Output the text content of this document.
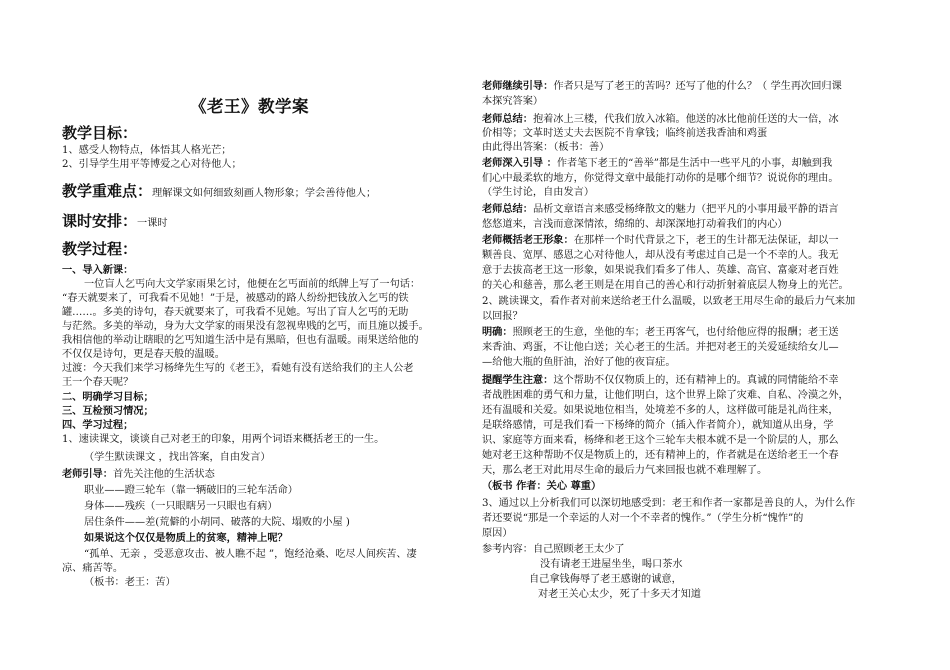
《老王》教学案
教学目标：
1、感受人物特点，体悟其人格光芒；
2、引导学生用平等博爱之心对待他人；
教学重难点：理解课文如何细致刻画人物形象；学会善待他人；
课时安排：一课时
教学过程：
一、导入新课：
一位盲人乞丐向大文学家雨果乞讨，他便在乞丐面前的纸牌上写了一句话：
“春天就要来了，可我看不见她！”于是，被感动的路人纷纷把钱放入乞丐的铁
罐……。多美的诗句，春天就要来了，可我看不见她。写出了盲人乞丐的无助
与茫然。多美的举动，身为大文学家的雨果没有忽视卑贱的乞丐，而且施以援手。
我相信他的举动让瞎眼的乞丐知道生活中是有黑暗，但也有温暖。雨果送给他的
不仅仅是诗句，更是春天般的温暖。
过渡：今天我们来学习杨绛先生写的《老王》，看她有没有送给我们的主人公老
王一个春天呢？
二、明确学习目标；
三、互检预习情况；
四、学习过程；
1、速读课文，谈谈自己对老王的印象，用两个词语来概括老王的一生。
（学生默读课文 ，找出答案，自由发言）
老师引导：首先关注他的生活状态
职业——蹬三轮车（靠一辆破旧的三轮车活命）
身体——残疾（一只眼瞎另一只眼也有病）
居住条件——差(荒僻的小胡同、破落的大院、塌败的小屋 )
如果说这个仅仅是物质上的贫寒，精神上呢？
“孤单、无亲 ，受恶意攻击、被人瞧不起 ”，饱经沧桑、吃尽人间疾苦、凄
凉、痛苦等。
（板书：老王：苦）
老师继续引导：作者只是写了老王的苦吗？还写了他的什么？（ 学生再次回归课
本探究答案）
老师总结：抱着冰上三楼，代我们放入冰箱。他送的冰比他前任送的大一倍，冰
价相等；文革时送丈夫去医院不肯拿钱；临终前送我香油和鸡蛋
由此得出答案：（板书：善）
老师深入引导 ：作者笔下老王的“善举”都是生活中一些平凡的小事，却触到我
们心中最柔软的地方，你觉得文章中最能打动你的是哪个细节？说说你的理由。
（学生讨论，自由发言）
老师总结：品析文章语言来感受杨绛散文的魅力（把平凡的小事用最平静的语言
悠悠道来，言浅而意深情浓，绵绵的、却深深地打动着我们的内心）
老师概括老王形象：在那样一个时代背景之下，老王的生计都无法保证，却以一
颗善良、宽厚、感恩之心对待他人，却从没有考虑过自己是一个不幸的人。我无
意于去拔高老王这一形象，如果说我们看多了伟人、英雄、高官、富豪对老百姓
的关心和慈善，那么老王则是在用自己的善心和行动折射着底层人物身上的光芒。
2、跳读课文，看作者对前来送给老王什么温暖，以致老王用尽生命的最后力气来加
以回报？
明确：照顾老王的生意，坐他的车；老王再客气，也付给他应得的报酬；老王送
来香油、鸡蛋，不让他白送；关心老王的生活。并把对老王的关爱延续给女儿—
—给他大瓶的鱼肝油，治好了他的夜盲症。
提醒学生注意：这个帮助不仅仅物质上的，还有精神上的。真诚的同情能给不幸
者战胜困难的勇气和力量，让他们明白，这个世界上除了灾难、自私、冷漠之外，
还有温暖和关爱。如果说地位相当，处境差不多的人，这样做可能是礼尚往来，
是联络感情，可是我们看一下杨绛的简介（插入作者简介），就知道从出身，学
识、家庭等方面来看，杨绛和老王这个三轮车夫根本就不是一个阶层的人，那么
她对老王这种帮助不仅是物质上的，还有精神上的，作者就是在送给老王一个春
天，那么老王对此用尽生命的最后力气来回报也就不难理解了。
（板书 作者：关心 尊重）
3、通过以上分析我们可以深切地感受到：老王和作者一家都是善良的人，为什么作
者还要说“那是一个幸运的人对一个不幸者的愧作。”（学生分析“愧怍”的
原因）
参考内容：自己照顾老王太少了
没有请老王进屋坐坐，喝口茶水
自己拿钱侮辱了老王感谢的诚意，
对老王关心太少，死了十多天才知道
